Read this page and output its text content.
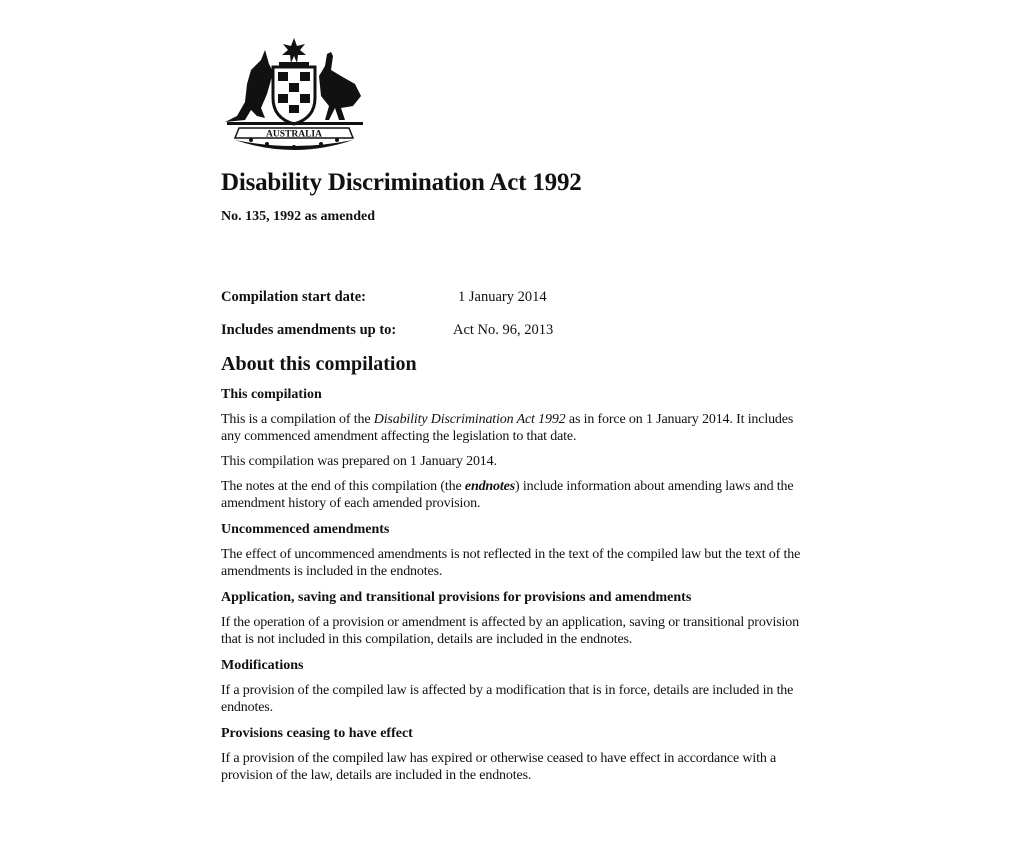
AUSTRALIA
Disability Discrimination Act 1992
No. 135, 1992 as amended
Compilation start date:	1 January 2014
Includes amendments up to:	Act No. 96, 2013
About this compilation
This compilation

This is a compilation of the Disability Discrimination Act 1992 as in force on 1 January 2014. It includes any commenced amendment affecting the legislation to that date.

This compilation was prepared on 1 January 2014.

The notes at the end of this compilation (the endnotes) include information about amending laws and the amendment history of each amended provision.

Uncommenced amendments

The effect of uncommenced amendments is not reflected in the text of the compiled law but the text of the amendments is included in the endnotes.

Application, saving and transitional provisions for provisions and amendments

If the operation of a provision or amendment is affected by an application, saving or transitional provision that is not included in this compilation, details are included in the endnotes.

Modifications

If a provision of the compiled law is affected by a modification that is in force, details are included in the endnotes.

Provisions ceasing to have effect

If a provision of the compiled law has expired or otherwise ceased to have effect in accordance with a provision of the law, details are included in the endnotes.
